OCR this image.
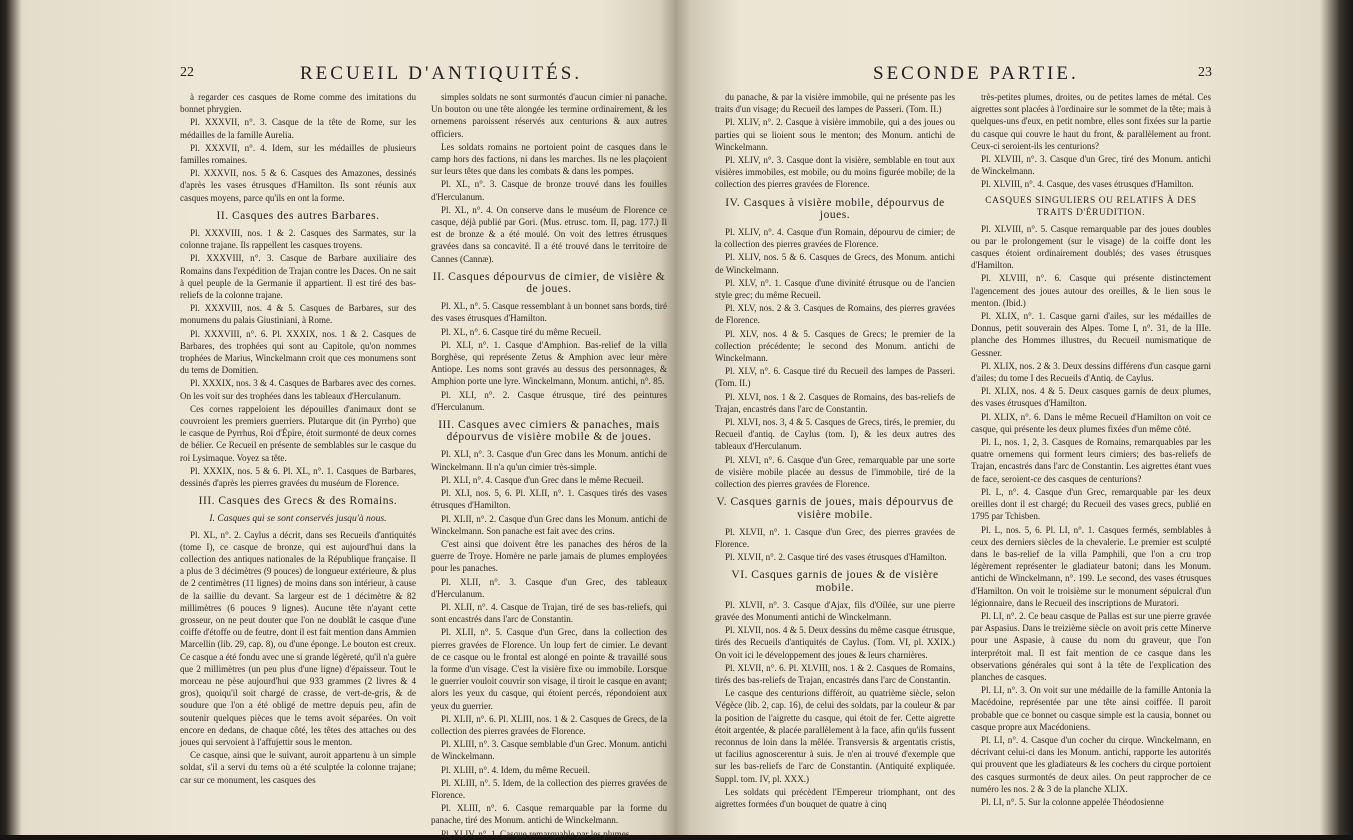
22	RECUEIL D'ANTIQUITÉS.

à regarder ces casques de Rome comme des imitations du bonnet phrygien.

Pl. XXXVII, n°. 3. Casque de la tête de Rome, sur les médailles de la famille Aurelia.

Pl. XXXVII, n°. 4. Idem, sur les médailles de plusieurs familles romaines.

Pl. XXXVII, nos. 5 & 6. Casques des Amazones, dessinés d'après les vases étrusques d'Hamilton. Ils sont réunis aux casques moyens, parce qu'ils en ont la forme.

II. Casques des autres Barbares.

Pl. XXXVIII, nos. 1 & 2. Casques des Sarmates, sur la colonne trajane. Ils rappellent les casques troyens.

Pl. XXXVIII, n°. 3. Casque de Barbare auxiliaire des Romains dans l'expédition de Trajan contre les Daces. On ne sait à quel peuple de la Germanie il appartient. Il est tiré des bas-reliefs de la colonne trajane.

Pl. XXXVIII, nos. 4 & 5. Casques de Barbares, sur des monumens du palais Giustiniani, à Rome.

Pl. XXXVIII, n°. 6. Pl. XXXIX, nos. 1 & 2. Casques de Barbares, des trophées qui sont au Capitole, qu'on nommes trophées de Marius, Winckelmann croit que ces monumens sont du tems de Domitien.

Pl. XXXIX, nos. 3 & 4. Casques de Barbares avec des cornes. On les voit sur des trophées dans les tableaux d'Herculanum.

Ces cornes rappeloient les dépouilles d'animaux dont se couvroient les premiers guerriers. Plutarque dit (in Pyrrho) que le casque de Pyrrhus, Roi d'Épire, étoit surmonté de deux cornes de bélier. Ce Recueil en présente de semblables sur le casque du roi Lysimaque. Voyez sa tête.

Pl. XXXIX, nos. 5 & 6. Pl. XL, n°. 1. Casques de Barbares, dessinés d'après les pierres gravées du muséum de Florence.

III. Casques des Grecs & des Romains.
I. Casques qui se sont conservés jusqu'à nous.

Pl. XL, n°. 2. Caylus a décrit, dans ses Recueils d'antiquités (tome I), ce casque de bronze, qui est aujourd'hui dans la collection des antiques nationales de la République française. Il a plus de 3 décimètres (9 pouces) de longueur extérieure, & plus de 2 centimètres (11 lignes) de moins dans son intérieur, à cause de la saillie du devant. Sa largeur est de 1 décimètre & 82 millimètres (6 pouces 9 lignes). Aucune tête n'ayant cette grosseur, on ne peut douter que l'on ne doublât le casque d'une coiffe d'étoffe ou de feutre, dont il est fait mention dans Ammien Marcellin (lib. 29, cap. 8), ou d'une éponge. Le bouton est creux. Ce casque a été fondu avec une si grande légèreté, qu'il n'a guère que 2 millimètres (un peu plus d'une ligne) d'épaisseur. Tout le morceau ne pèse aujourd'hui que 933 grammes (2 livres & 4 gros), quoiqu'il soit chargé de crasse, de vert-de-gris, & de soudure que l'on a été obligé de mettre depuis peu, afin de soutenir quelques pièces que le tems avoit séparées. On voit encore en dedans, de chaque côté, les têtes des attaches ou des joues qui servoient à l'affujettir sous le menton.

Ce casque, ainsi que le suivant, auroit appartenu à un simple soldat, s'il a servi du tems où a été sculptée la colonne trajane; car sur ce monument, les casques des

simples soldats ne sont surmontés d'aucun cimier ni panache. Un bouton ou une tête alongée les termine ordinairement, & les ornemens paroissent réservés aux centurions & aux autres officiers.

Les soldats romains ne portoient point de casques dans le camp hors des factions, ni dans les marches. Ils ne les plaçoient sur leurs têtes que dans les combats & dans les pompes.

Pl. XL, n°. 3. Casque de bronze trouvé dans les fouilles d'Herculanum.

Pl. XL, n°. 4. On conserve dans le muséum de Florence ce casque, déjà publié par Gori. (Mus. etrusc. tom. II, pag. 177.) Il est de bronze & a été moulé. On voit des lettres étrusques gravées dans sa concavité. Il a été trouvé dans le territoire de Cannes (Cannæ).

II. Casques dépourvus de cimier, de visière & de joues.

Pl. XL, n°. 5. Casque ressemblant à un bonnet sans bords, tiré des vases étrusques d'Hamilton.

Pl. XL, n°. 6. Casque tiré du même Recueil.

Pl. XLI, n°. 1. Casque d'Amphion. Bas-relief de la villa Borghèse, qui représente Zetus & Amphion avec leur mère Antiope. Les noms sont gravés au dessus des personnages, & Amphion porte une lyre. Winckelmann, Monum. antichi, n°. 85.

Pl. XLI, n°. 2. Casque étrusque, tiré des peintures d'Herculanum.

III. Casques avec cimiers & panaches, mais dépourvus de visière mobile & de joues.

Pl. XLI, n°. 3. Casque d'un Grec dans les Monum. antichi de Winckelmann. Il n'a qu'un cimier très-simple.

Pl. XLI, n°. 4. Casque d'un Grec dans le même Recueil.

Pl. XLI, nos. 5, 6. Pl. XLII, n°. 1. Casques tirés des vases étrusques d'Hamilton.

Pl. XLII, n°. 2. Casque d'un Grec dans les Monum. antichi de Winckelmann. Son panache est fait avec des crins.

C'est ainsi que doivent être les panaches des héros de la guerre de Troye. Homère ne parle jamais de plumes employées pour les panaches.

Pl. XLII, n°. 3. Casque d'un Grec, des tableaux d'Herculanum.

Pl. XLII, n°. 4. Casque de Trajan, tiré de ses bas-reliefs, qui sont encastrés dans l'arc de Constantin.

Pl. XLII, n°. 5. Casque d'un Grec, dans la collection des pierres gravées de Florence. Un loup fert de cimier. Le devant de ce casque ou le frontal est alongé en pointe & travaillé sous la forme d'un visage. C'est la visière fixe ou immobile. Lorsque le guerrier vouloit couvrir son visage, il tiroit le casque en avant; alors les yeux du casque, qui étoient percés, répondoient aux yeux du guerrier.

Pl. XLII, n°. 6. Pl. XLIII, nos. 1 & 2. Casques de Grecs, de la collection des pierres gravées de Florence.

Pl. XLIII, n°. 3. Casque semblable d'un Grec. Monum. antichi de Winckelmann.

Pl. XLIII, n°. 4. Idem, du même Recueil.

Pl. XLIII, n°. 5. Idem, de la collection des pierres gravées de Florence.

Pl. XLIII, n°. 6. Casque remarquable par la forme du panache, tiré des Monum. antichi de Winckelmann.

Pl. XLIV, n°. 1. Casque remarquable par les plumes

SECONDE PARTIE.	23

du panache, & par la visière immobile, qui ne présente pas les traits d'un visage; du Recueil des lampes de Passeri. (Tom. II.)

Pl. XLIV, n°. 2. Casque à visière immobile, qui a des joues ou parties qui se lioient sous le menton; des Monum. antichi de Winckelmann.

Pl. XLIV, n°. 3. Casque dont la visière, semblable en tout aux visières immobiles, est mobile, ou du moins figurée mobile; de la collection des pierres gravées de Florence.

IV. Casques à visière mobile, dépourvus de joues.

Pl. XLIV, n°. 4. Casque d'un Romain, dépourvu de cimier; de la collection des pierres gravées de Florence.

Pl. XLIV, nos. 5 & 6. Casques de Grecs, des Monum. antichi de Winckelmann.

Pl. XLV, n°. 1. Casque d'une divinité étrusque ou de l'ancien style grec; du même Recueil.

Pl. XLV, nos. 2 & 3. Casques de Romains, des pierres gravées de Florence.

Pl. XLV, nos. 4 & 5. Casques de Grecs; le premier de la collection précédente; le second des Monum. antichi de Winckelmann.

Pl. XLV, n°. 6. Casque tiré du Recueil des lampes de Passeri. (Tom. II.)

Pl. XLVI, nos. 1 & 2. Casques de Romains, des bas-reliefs de Trajan, encastrés dans l'arc de Constantin.

Pl. XLVI, nos. 3, 4 & 5. Casques de Grecs, tirés, le premier, du Recueil d'antiq. de Caylus (tom. I), & les deux autres des tableaux d'Herculanum.

Pl. XLVI, n°. 6. Casque d'un Grec, remarquable par une sorte de visière mobile placée au dessus de l'immobile, tiré de la collection des pierres gravées de Florence.

V. Casques garnis de joues, mais dépourvus de visière mobile.

Pl. XLVII, n°. 1. Casque d'un Grec, des pierres gravées de Florence.

Pl. XLVII, n°. 2. Casque tiré des vases étrusques d'Hamilton.

VI. Casques garnis de joues & de visière mobile.

Pl. XLVII, n°. 3. Casque d'Ajax, fils d'Oïlée, sur une pierre gravée des Monumenti antichi de Winckelmann.

Pl. XLVII, nos. 4 & 5. Deux dessins du même casque étrusque, tirés des Recueils d'antiquités de Caylus. (Tom. VI, pl. XXIX.) On voit ici le développement des joues & leurs charnières.

Pl. XLVII, n°. 6. Pl. XLVIII, nos. 1 & 2. Casques de Romains, tirés des bas-reliefs de Trajan, encastrés dans l'arc de Constantin.

Le casque des centurions différoit, au quatrième siècle, selon Végèce (lib. 2, cap. 16), de celui des soldats, par la couleur & par la position de l'aigrette du casque, qui étoit de fer. Cette aigrette étoit argentée, & placée parallèlement à la face, afin qu'ils fussent reconnus de loin dans la mêlée. Transversis & argentatis cristis, ut facilius agnoscerentur à suis. Je n'en ai trouvé d'exemple que sur les bas-reliefs de l'arc de Constantin. (Antiquité expliquée. Suppl. tom. IV, pl. XXX.)

Les soldats qui précèdent l'Empereur triomphant, ont des aigrettes formées d'un bouquet de quatre à cinq

très-petites plumes, droites, ou de petites lames de métal. Ces aigrettes sont placées à l'ordinaire sur le sommet de la tête; mais à quelques-uns d'eux, en petit nombre, elles sont fixées sur la partie du casque qui couvre le haut du front, & parallèlement au front. Ceux-ci seroient-ils les centurions?

Pl. XLVIII, n°. 3. Casque d'un Grec, tiré des Monum. antichi de Winckelmann.

Pl. XLVIII, n°. 4. Casque, des vases étrusques d'Hamilton.

CASQUES SINGULIERS OU RELATIFS À DES TRAITS D'ÉRUDITION.

Pl. XLVIII, n°. 5. Casque remarquable par des joues doubles ou par le prolongement (sur le visage) de la coiffe dont les casques étoient ordinairement doublés; des vases étrusques d'Hamilton.

Pl. XLVIII, n°. 6. Casque qui présente distinctement l'agencement des joues autour des oreilles, & le lien sous le menton. (Ibid.)

Pl. XLIX, n°. 1. Casque garni d'ailes, sur les médailles de Donnus, petit souverain des Alpes. Tome I, n°. 31, de la IIIe. planche des Hommes illustres, du Recueil numismatique de Gessner.

Pl. XLIX, nos. 2 & 3. Deux dessins différens d'un casque garni d'ailes; du tome I des Recueils d'Antiq. de Caylus.

Pl. XLIX, nos. 4 & 5. Deux casques garnis de deux plumes, des vases étrusques d'Hamilton.

Pl. XLIX, n°. 6. Dans le même Recueil d'Hamilton on voit ce casque, qui présente les deux plumes fixées d'un même côté.

Pl. L, nos. 1, 2, 3. Casques de Romains, remarquables par les quatre ornemens qui forment leurs cimiers; des bas-reliefs de Trajan, encastrés dans l'arc de Constantin. Les aigrettes étant vues de face, seroient-ce des casques de centurions?

Pl. L, n°. 4. Casque d'un Grec, remarquable par les deux oreilles dont il est chargé; du Recueil des vases grecs, publié en 1795 par Tchisben.

Pl. L, nos. 5, 6. Pl. LI, n°. 1. Casques fermés, semblables à ceux des derniers siècles de la chevalerie. Le premier est sculpté dans le bas-relief de la villa Pamphili, que l'on a cru trop légèrement représenter le gladiateur batoni; dans les Monum. antichi de Winckelmann, n°. 199. Le second, des vases étrusques d'Hamilton. On voit le troisième sur le monument sépulcral d'un légionnaire, dans le Recueil des inscriptions de Muratori.

Pl. LI, n°. 2. Ce beau casque de Pallas est sur une pierre gravée par Aspasius. Dans le treizième siècle on avoit pris cette Minerve pour une Aspasie, à cause du nom du graveur, que l'on interprétoit mal. Il est fait mention de ce casque dans les observations générales qui sont à la tête de l'explication des planches de casques.

Pl. LI, n°. 3. On voit sur une médaille de la famille Antonia la Macédoine, représentée par une tête ainsi coiffée. Il paroit probable que ce bonnet ou casque simple est la causia, bonnet ou casque propre aux Macédoniens.

Pl. LI, n°. 4. Casque d'un cocher du cirque. Winckelmann, en décrivant celui-ci dans les Monum. antichi, rapporte les autorités qui prouvent que les gladiateurs & les cochers du cirque portoient des casques surmontés de deux ailes. On peut rapprocher de ce numéro les nos. 2 & 3 de la planche XLIX.

Pl. LI, n°. 5. Sur la colonne appelée Théodosienne
